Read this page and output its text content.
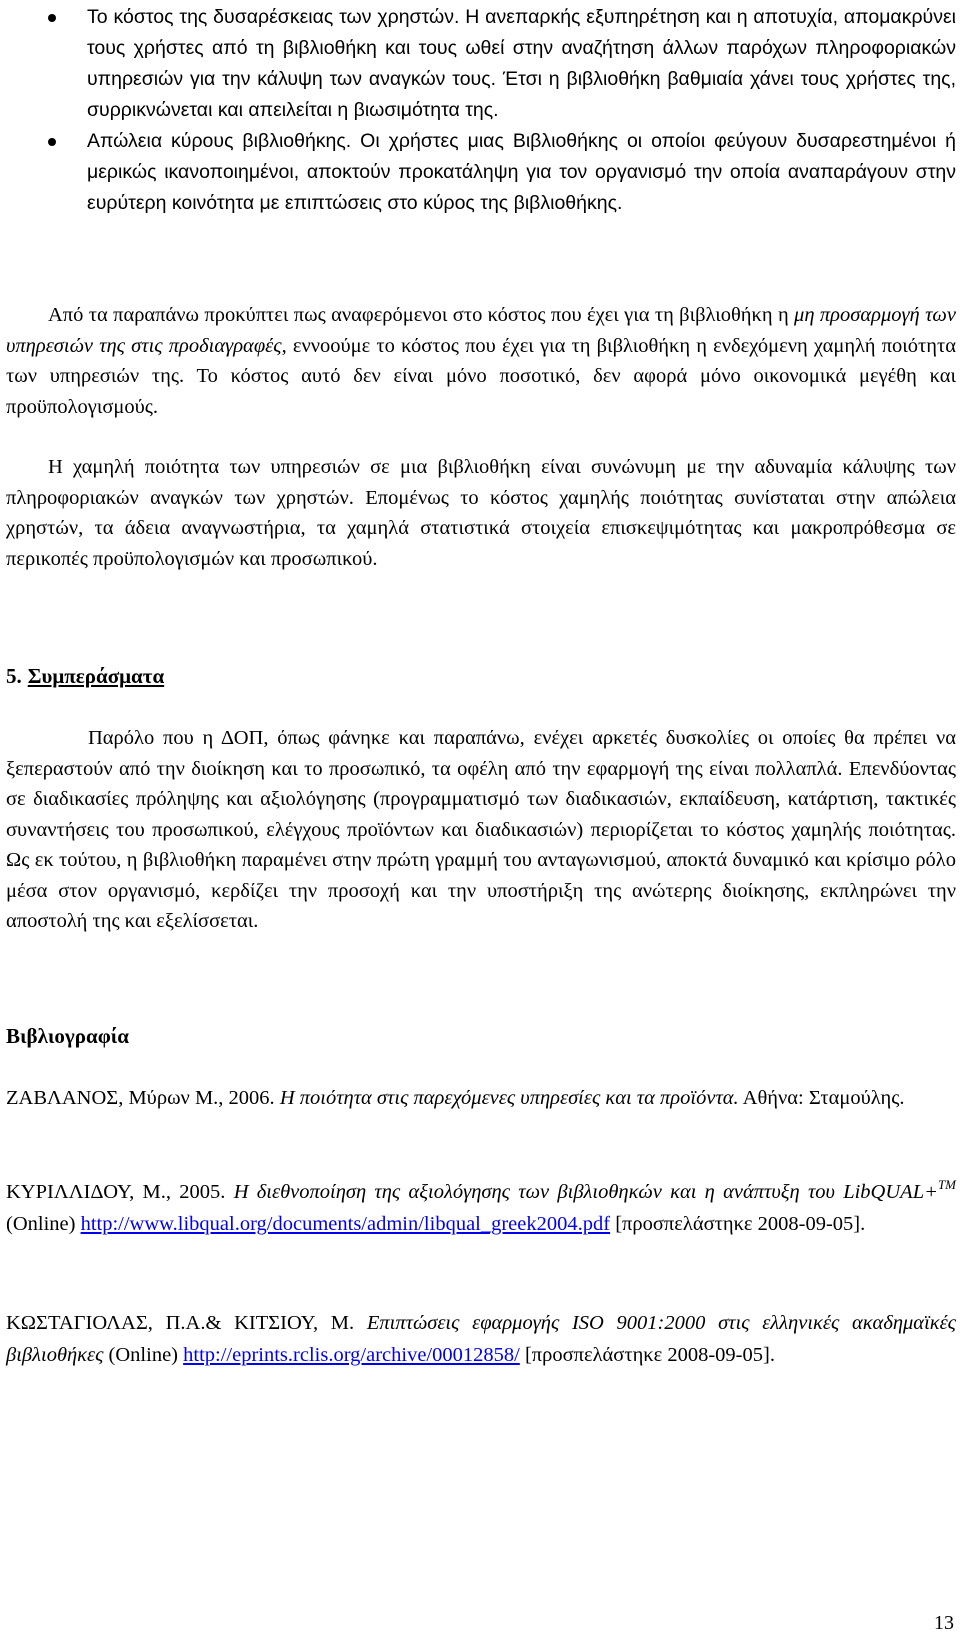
Το κόστος της δυσαρέσκειας των χρηστών. Η ανεπαρκής εξυπηρέτηση και η αποτυχία, απομακρύνει τους χρήστες από τη βιβλιοθήκη και τους ωθεί στην αναζήτηση άλλων παρόχων πληροφοριακών υπηρεσιών για την κάλυψη των αναγκών τους. Έτσι η βιβλιοθήκη βαθμιαία χάνει τους χρήστες της, συρρικνώνεται και απειλείται η βιωσιμότητα της.
Απώλεια κύρους βιβλιοθήκης. Οι χρήστες μιας Βιβλιοθήκης οι οποίοι φεύγουν δυσαρεστημένοι ή μερικώς ικανοποιημένοι, αποκτούν προκατάληψη για τον οργανισμό την οποία αναπαράγουν στην ευρύτερη κοινότητα με επιπτώσεις στο κύρος της βιβλιοθήκης.

Από τα παραπάνω προκύπτει πως αναφερόμενοι στο κόστος που έχει για τη βιβλιοθήκη η μη προσαρμογή των υπηρεσιών της στις προδιαγραφές, εννοούμε το κόστος που έχει για τη βιβλιοθήκη η ενδεχόμενη χαμηλή ποιότητα των υπηρεσιών της. Το κόστος αυτό δεν είναι μόνο ποσοτικό, δεν αφορά μόνο οικονομικά μεγέθη και προϋπολογισμούς.

Η χαμηλή ποιότητα των υπηρεσιών σε μια βιβλιοθήκη είναι συνώνυμη με την αδυναμία κάλυψης των πληροφοριακών αναγκών των χρηστών. Επομένως το κόστος χαμηλής ποιότητας συνίσταται στην απώλεια χρηστών, τα άδεια αναγνωστήρια, τα χαμηλά στατιστικά στοιχεία επισκεψιμότητας και μακροπρόθεσμα σε περικοπές προϋπολογισμών και προσωπικού.

5. Συμπεράσματα

Παρόλο που η ΔΟΠ, όπως φάνηκε και παραπάνω, ενέχει αρκετές δυσκολίες οι οποίες θα πρέπει να ξεπεραστούν από την διοίκηση και το προσωπικό, τα οφέλη από την εφαρμογή της είναι πολλαπλά. Επενδύοντας σε διαδικασίες πρόληψης και αξιολόγησης (προγραμματισμό των διαδικασιών, εκπαίδευση, κατάρτιση, τακτικές συναντήσεις του προσωπικού, ελέγχους προϊόντων και διαδικασιών) περιορίζεται το κόστος χαμηλής ποιότητας. Ως εκ τούτου, η βιβλιοθήκη παραμένει στην πρώτη γραμμή του ανταγωνισμού, αποκτά δυναμικό και κρίσιμο ρόλο μέσα στον οργανισμό, κερδίζει την προσοχή και την υποστήριξη της ανώτερης διοίκησης, εκπληρώνει την αποστολή της και εξελίσσεται.

Βιβλιογραφία

ΖΑΒΛΑΝΟΣ, Μύρων Μ., 2006. Η ποιότητα στις παρεχόμενες υπηρεσίες και τα προϊόντα. Αθήνα: Σταμούλης.

ΚΥΡΙΛΛΙΔΟΥ, Μ., 2005. Η διεθνοποίηση της αξιολόγησης των βιβλιοθηκών και η ανάπτυξη του LibQUAL+™ (Online) http://www.libqual.org/documents/admin/libqual_greek2004.pdf [προσπελάστηκε 2008-09-05].

ΚΩΣΤΑΓΙΟΛΑΣ, Π.Α.& ΚΙΤΣΙΟΥ, Μ. Επιπτώσεις εφαρμογής ISO 9001:2000 στις ελληνικές ακαδημαϊκές βιβλιοθήκες (Online) http://eprints.rclis.org/archive/00012858/ [προσπελάστηκε 2008-09-05].

13
